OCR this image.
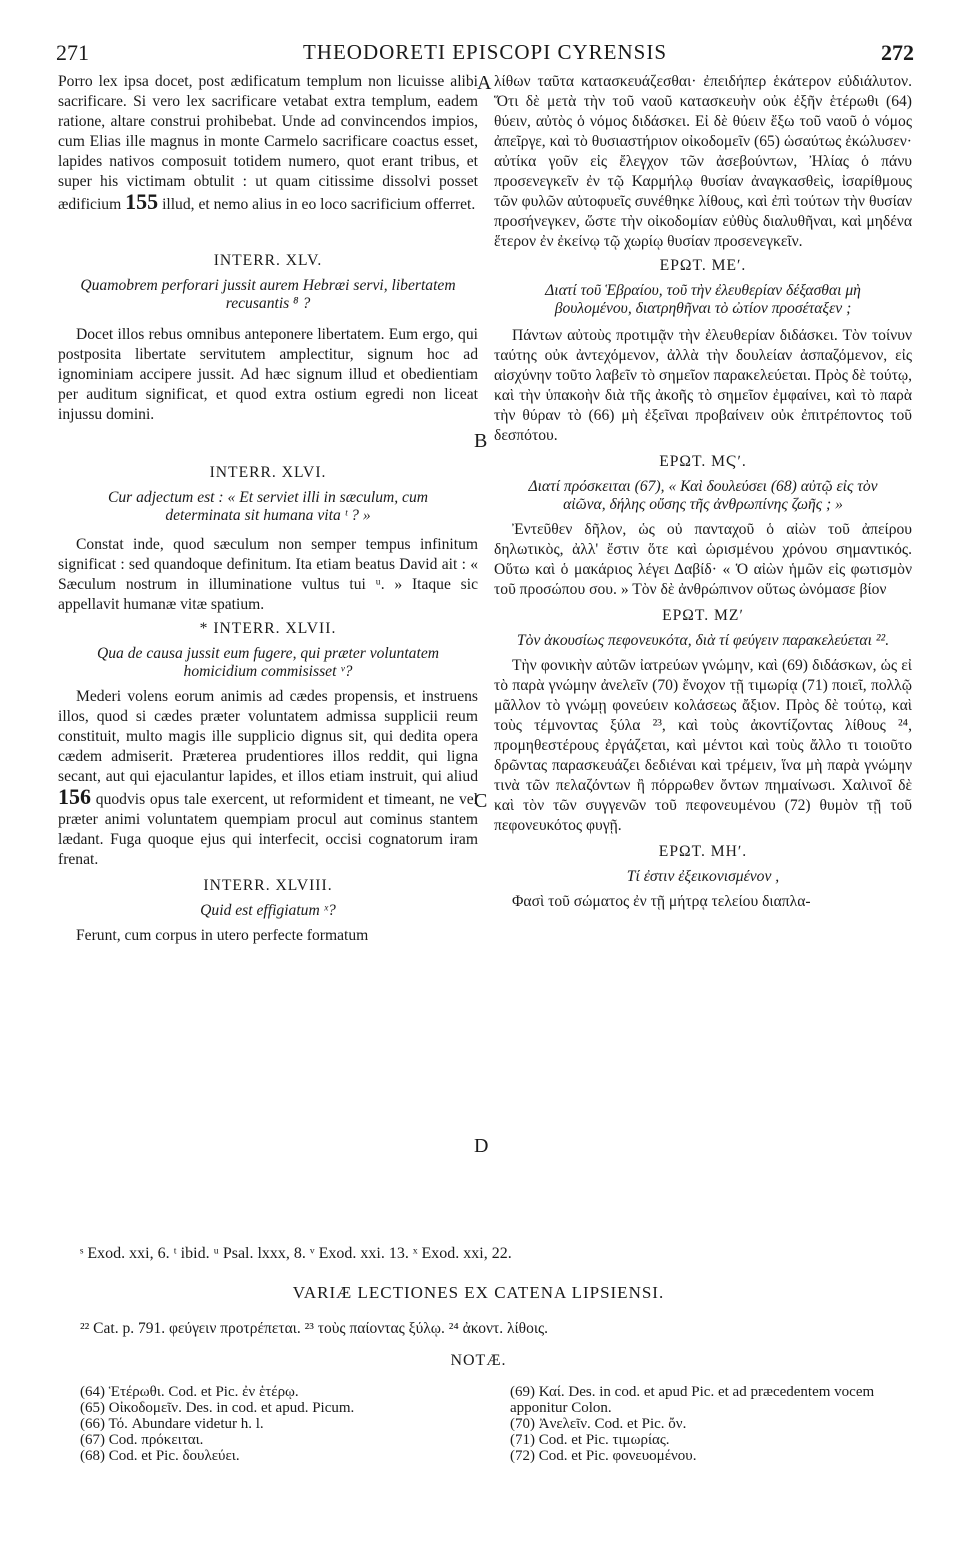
271	THEODORETI EPISCOPI CYRENSIS	272
A
B
C
D

Porro lex ipsa docet, post ædificatum templum non licuisse alibi sacrificare. Si vero lex sacrificare vetabat extra templum, eadem ratione, altare construi prohibebat. Unde ad convincendos impios, cum Elias ille magnus in monte Carmelo sacrificare coactus esset, lapides nativos composuit totidem numero, quot erant tribus, et super his victimam obtulit : ut quam citissime dissolvi posset ædificium 155 illud, et nemo alius in eo loco sacrificium offerret.

INTERR. XLV.
Quamobrem perforari jussit aurem Hebræi servi, libertatem recusantis ⁸ ?

Docet illos rebus omnibus anteponere libertatem. Eum ergo, qui postposita libertate servitutem amplectitur, signum hoc ad ignominiam accipere jussit. Ad hæc signum illud et obedientiam per auditum significat, et quod extra ostium egredi non liceat injussu domini.

INTERR. XLVI.
Cur adjectum est : « Et serviet illi in sæculum, cum determinata sit humana vita ᵗ ? »

Constat inde, quod sæculum non semper tempus infinitum significat : sed quandoque definitum. Ita etiam beatus David ait : « Sæculum nostrum in illuminatione vultus tui ᵘ. » Itaque sic appellavit humanæ vitæ spatium.

* INTERR. XLVII.
Qua de causa jussit eum fugere, qui præter voluntatem homicidium commisisset ᵛ?

Mederi volens eorum animis ad cædes propensis, et instruens illos, quod si cædes præter voluntatem admissa supplicii reum constituit, multo magis ille supplicio dignus sit, qui dedita opera cædem admiserit. Præterea prudentiores illos reddit, qui ligna secant, aut qui ejaculantur lapides, et illos etiam instruit, qui aliud 156 quodvis opus tale exercent, ut reformident et timeant, ne vel præter animi voluntatem quempiam procul aut cominus stantem lædant. Fuga quoque ejus qui interfecit, occisi cognatorum iram frenat.

INTERR. XLVIII.
Quid est effigiatum ˣ?

Ferunt, cum corpus in utero perfecte formatum

λίθων ταῦτα κατασκευάζεσθαι· ἐπειδήπερ ἑκάτερον εὐδιάλυτον. Ὅτι δὲ μετὰ τὴν τοῦ ναοῦ κατασκευὴν οὐκ ἐξῆν ἑτέρωθι (64) θύειν, αὐτὸς ὁ νόμος διδάσκει. Εἰ δὲ θύειν ἔξω τοῦ ναοῦ ὁ νόμος ἀπεῖργε, καὶ τὸ θυσιαστήριον οἰκοδομεῖν (65) ὡσαύτως ἐκώλυσεν· αὐτίκα γοῦν εἰς ἔλεγχον τῶν ἀσεβούντων, Ἠλίας ὁ πάνυ προσενεγκεῖν ἐν τῷ Καρμήλῳ θυσίαν ἀναγκασθεὶς, ἰσαρίθμους τῶν φυλῶν αὐτοφυεῖς συνέθηκε λίθους, καὶ ἐπὶ τούτων τὴν θυσίαν προσήνεγκεν, ὥστε τὴν οἰκοδομίαν εὐθὺς διαλυθῆναι, καὶ μηδένα ἕτερον ἐν ἐκείνῳ τῷ χωρίῳ θυσίαν προσενεγκεῖν.

ΕΡΩΤ. ΜΕʹ.
Διατί τοῦ Ἑβραίου, τοῦ τὴν ἐλευθερίαν δέξασθαι μὴ βουλομένου, διατρηθῆναι τὸ ὠτίον προσέταξεν ;

Πάντων αὐτοὺς προτιμᾷν τὴν ἐλευθερίαν διδάσκει. Τὸν τοίνυν ταύτης οὐκ ἀντεχόμενον, ἀλλὰ τὴν δουλείαν ἀσπαζόμενον, εἰς αἰσχύνην τοῦτο λαβεῖν τὸ σημεῖον παρακελεύεται. Πρὸς δὲ τούτῳ, καὶ τὴν ὑπακοὴν διὰ τῆς ἀκοῆς τὸ σημεῖον ἐμφαίνει, καὶ τὸ παρὰ τὴν θύραν τὸ (66) μὴ ἐξεῖναι προβαίνειν οὐκ ἐπιτρέποντος τοῦ δεσπότου.

ΕΡΩΤ. ΜϚʹ.
Διατί πρόσκειται (67), « Καὶ δουλεύσει (68) αὐτῷ εἰς τὸν αἰῶνα, δήλης οὔσης τῆς ἀνθρωπίνης ζωῆς ; »

Ἐντεῦθεν δῆλον, ὡς οὐ πανταχοῦ ὁ αἰὼν τοῦ ἀπείρου δηλωτικὸς, ἀλλ' ἔστιν ὅτε καὶ ὡρισμένου χρόνου σημαντικός. Οὕτω καὶ ὁ μακάριος λέγει Δαβίδ· « Ὁ αἰὼν ἡμῶν εἰς φωτισμὸν τοῦ προσώπου σου. » Τὸν δὲ ἀνθρώπινον οὕτως ὠνόμασε βίον

ΕΡΩΤ. ΜΖʹ
Τὸν ἀκουσίως πεφονευκότα, διὰ τί φεύγειν παρακελεύεται ²².

Τὴν φονικὴν αὐτῶν ἰατρεύων γνώμην, καὶ (69) διδάσκων, ὡς εἰ τὸ παρὰ γνώμην ἀνελεῖν (70) ἔνοχον τῇ τιμωρίᾳ (71) ποιεῖ, πολλῷ μᾶλλον τὸ γνώμῃ φονεύειν κολάσεως ἄξιον. Πρὸς δὲ τούτῳ, καὶ τοὺς τέμνοντας ξύλα ²³, καὶ τοὺς ἀκοντίζοντας λίθους ²⁴, προμηθεστέρους ἐργάζεται, καὶ μέντοι καὶ τοὺς ἄλλο τι τοιοῦτο δρῶντας παρασκευάζει δεδιέναι καὶ τρέμειν, ἵνα μὴ παρὰ γνώμην τινὰ τῶν πελαζόντων ἢ πόρρωθεν ὄντων πημαίνωσι. Χαλινοῖ δὲ καὶ τὸν τῶν συγγενῶν τοῦ πεφονευμένου (72) θυμὸν τῇ τοῦ πεφονευκότος φυγῇ.

ΕΡΩΤ. ΜΗʹ.
Τί ἐστιν ἐξεικονισμένον ,

Φασὶ τοῦ σώματος ἐν τῇ μήτρᾳ τελείου διαπλα-

ˢ Exod. xxi, 6. ᵗ ibid. ᵘ Psal. lxxx, 8. ᵛ Exod. xxi. 13. ˣ Exod. xxi, 22.
VARIÆ LECTIONES EX CATENA LIPSIENSI.
²² Cat. p. 791. φεύγειν προτρέπεται. ²³ τοὺς παίοντας ξύλῳ. ²⁴ ἀκοντ. λίθοις.
NOTÆ.
(64) Ἑτέρωθι. Cod. et Pic. ἐν ἑτέρῳ.
(65) Οἰκοδομεῖν. Des. in cod. et apud. Picum.
(66) Τό. Abundare videtur h. l.
(67) Cod. πρόκειται.
(68) Cod. et Pic. δουλεύει.
(69) Καί. Des. in cod. et apud Pic. et ad præcedentem vocem apponitur Colon.
(70) Ἀνελεῖν. Cod. et Pic. ὄν.
(71) Cod. et Pic. τιμωρίας.
(72) Cod. et Pic. φονευομένου.
